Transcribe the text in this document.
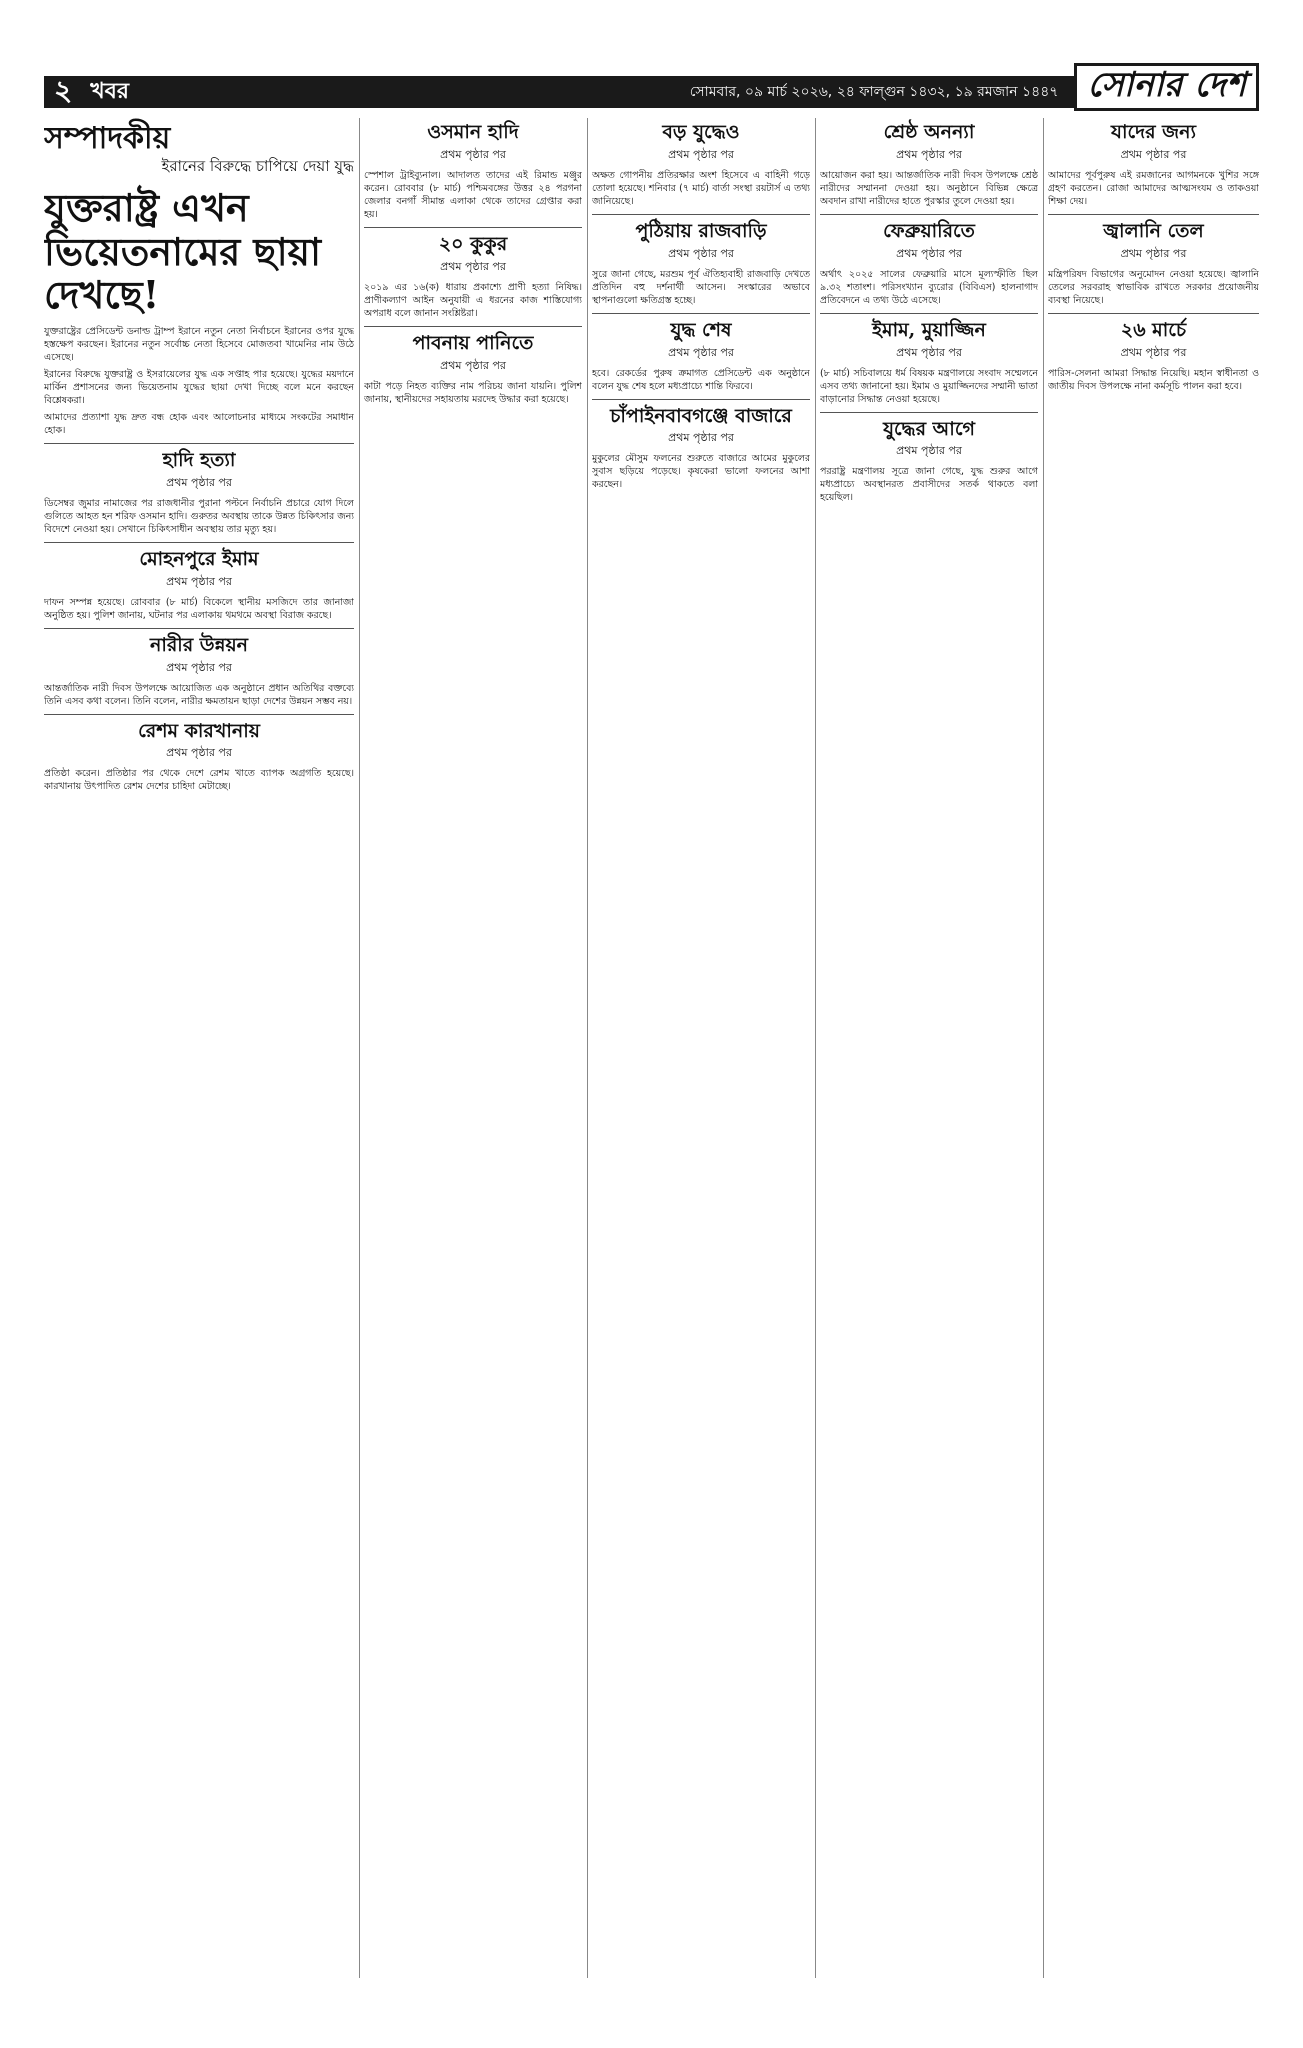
২ খবর	সোমবার, ০৯ মার্চ ২০২৬, ২৪ ফাল্গুন ১৪৩২, ১৯ রমজান ১৪৪৭ সোনার দেশ
সম্পাদকীয়
ইরানের বিরুদ্ধে চাপিয়ে দেয়া যুদ্ধ
যুক্তরাষ্ট্র এখন ভিয়েতনামের ছায়া দেখছে!

যুক্তরাষ্ট্রের প্রেসিডেন্ট ডনাল্ড ট্রাম্প ইরানে নতুন নেতা নির্বাচনে ইরানের ওপর যুদ্ধে হস্তক্ষেপ করছেন। ইরানের নতুন সর্বোচ্চ নেতা হিসেবে মোজতবা খামেনির নাম উঠে এসেছে।

ইরানের বিরুদ্ধে যুক্তরাষ্ট্র ও ইসরায়েলের যুদ্ধ এক সপ্তাহ পার হয়েছে। যুদ্ধের ময়দানে মার্কিন প্রশাসনের জন্য ভিয়েতনাম যুদ্ধের ছায়া দেখা দিচ্ছে বলে মনে করছেন বিশ্লেষকরা।

আমাদের প্রত্যাশা যুদ্ধ দ্রুত বন্ধ হোক এবং আলোচনার মাধ্যমে সংকটের সমাধান হোক।

হাদি হত্যা
প্রথম পৃষ্ঠার পর

ডিসেম্বর জুমার নামাজের পর রাজধানীর পুরানা পল্টনে নির্বাচনি প্রচারে যোগ দিলে গুলিতে আহত হন শরিফ ওসমান হাদি। গুরুতর অবস্থায় তাকে উন্নত চিকিৎসার জন্য বিদেশে নেওয়া হয়। সেখানে চিকিৎসাধীন অবস্থায় তার মৃত্যু হয়।

মোহনপুরে ইমাম
প্রথম পৃষ্ঠার পর

দাফন সম্পন্ন হয়েছে। রোববার (৮ মার্চ) বিকেলে স্থানীয় মসজিদে তার জানাজা অনুষ্ঠিত হয়। পুলিশ জানায়, ঘটনার পর এলাকায় থমথমে অবস্থা বিরাজ করছে।

নারীর উন্নয়ন
প্রথম পৃষ্ঠার পর

আন্তর্জাতিক নারী দিবস উপলক্ষে আয়োজিত এক অনুষ্ঠানে প্রধান অতিথির বক্তব্যে তিনি এসব কথা বলেন। তিনি বলেন, নারীর ক্ষমতায়ন ছাড়া দেশের উন্নয়ন সম্ভব নয়।

রেশম কারখানায়
প্রথম পৃষ্ঠার পর

প্রতিষ্ঠা করেন। প্রতিষ্ঠার পর থেকে দেশে রেশম খাতে ব্যাপক অগ্রগতি হয়েছে। কারখানায় উৎপাদিত রেশম দেশের চাহিদা মেটাচ্ছে।

ওসমান হাদি
প্রথম পৃষ্ঠার পর

স্পেশাল ট্রাইব্যুনাল। আদালত তাদের এই রিমান্ড মঞ্জুর করেন। রোববার (৮ মার্চ) পশ্চিমবঙ্গের উত্তর ২৪ পরগনা জেলার বনগাঁ সীমান্ত এলাকা থেকে তাদের গ্রেপ্তার করা হয়।

২০ কুকুর
প্রথম পৃষ্ঠার পর

২০১৯ এর ১৬(ক) ধারায় প্রকাশ্যে প্রাণী হত্যা নিষিদ্ধ। প্রাণীকল্যাণ আইন অনুযায়ী এ ধরনের কাজ শাস্তিযোগ্য অপরাধ বলে জানান সংশ্লিষ্টরা।

পাবনায় পানিতে
প্রথম পৃষ্ঠার পর

কাটা পড়ে নিহত ব্যক্তির নাম পরিচয় জানা যায়নি। পুলিশ জানায়, স্থানীয়দের সহায়তায় মরদেহ উদ্ধার করা হয়েছে।

বড় যুদ্ধেও
প্রথম পৃষ্ঠার পর

অক্ষত গোপনীয় প্রতিরক্ষার অংশ হিসেবে এ বাহিনী গড়ে তোলা হয়েছে। শনিবার (৭ মার্চ) বার্তা সংস্থা রয়টার্স এ তথ্য জানিয়েছে।

পুঠিয়ায় রাজবাড়ি
প্রথম পৃষ্ঠার পর

সুরে জানা গেছে, মরশুম পূর্ব ঐতিহ্যবাহী রাজবাড়ি দেখতে প্রতিদিন বহু দর্শনার্থী আসেন। সংস্কারের অভাবে স্থাপনাগুলো ক্ষতিগ্রস্ত হচ্ছে।

যুদ্ধ শেষ
প্রথম পৃষ্ঠার পর

হবে। রেকর্ডের পুরুষ ক্রমাগত প্রেসিডেন্ট এক অনুষ্ঠানে বলেন যুদ্ধ শেষ হলে মধ্যপ্রাচ্যে শান্তি ফিরবে।

চাঁপাইনবাবগঞ্জে বাজারে
প্রথম পৃষ্ঠার পর

মুকুলের মৌসুম ফলনের শুরুতে বাজারে আমের মুকুলের সুবাস ছড়িয়ে পড়েছে। কৃষকেরা ভালো ফলনের আশা করছেন।

শ্রেষ্ঠ অনন্যা
প্রথম পৃষ্ঠার পর

আয়োজন করা হয়। আন্তর্জাতিক নারী দিবস উপলক্ষে শ্রেষ্ঠ নারীদের সম্মাননা দেওয়া হয়। অনুষ্ঠানে বিভিন্ন ক্ষেত্রে অবদান রাখা নারীদের হাতে পুরস্কার তুলে দেওয়া হয়।

ফেব্রুয়ারিতে
প্রথম পৃষ্ঠার পর

অর্থাৎ ২০২৫ সালের ফেব্রুয়ারি মাসে মূল্যস্ফীতি ছিল ৯.৩২ শতাংশ। পরিসংখ্যান ব্যুরোর (বিবিএস) হালনাগাদ প্রতিবেদনে এ তথ্য উঠে এসেছে।

ইমাম, মুয়াজ্জিন
প্রথম পৃষ্ঠার পর

(৮ মার্চ) সচিবালয়ে ধর্ম বিষয়ক মন্ত্রণালয়ে সংবাদ সম্মেলনে এসব তথ্য জানানো হয়। ইমাম ও মুয়াজ্জিনদের সম্মানী ভাতা বাড়ানোর সিদ্ধান্ত নেওয়া হয়েছে।

যুদ্ধের আগে
প্রথম পৃষ্ঠার পর

পররাষ্ট্র মন্ত্রণালয় সূত্রে জানা গেছে, যুদ্ধ শুরুর আগে মধ্যপ্রাচ্যে অবস্থানরত প্রবাসীদের সতর্ক থাকতে বলা হয়েছিল।

যাদের জন্য
প্রথম পৃষ্ঠার পর

আমাদের পূর্বপুরুষ এই রমজানের আগমনকে খুশির সঙ্গে গ্রহণ করতেন। রোজা আমাদের আত্মসংযম ও তাকওয়া শিক্ষা দেয়।

জ্বালানি তেল
প্রথম পৃষ্ঠার পর

মন্ত্রিপরিষদ বিভাগের অনুমোদন নেওয়া হয়েছে। জ্বালানি তেলের সরবরাহ স্বাভাবিক রাখতে সরকার প্রয়োজনীয় ব্যবস্থা নিয়েছে।

২৬ মার্চে
প্রথম পৃষ্ঠার পর

পারিস-সেলনা আমরা সিদ্ধান্ত নিয়েছি। মহান স্বাধীনতা ও জাতীয় দিবস উপলক্ষে নানা কর্মসূচি পালন করা হবে।
